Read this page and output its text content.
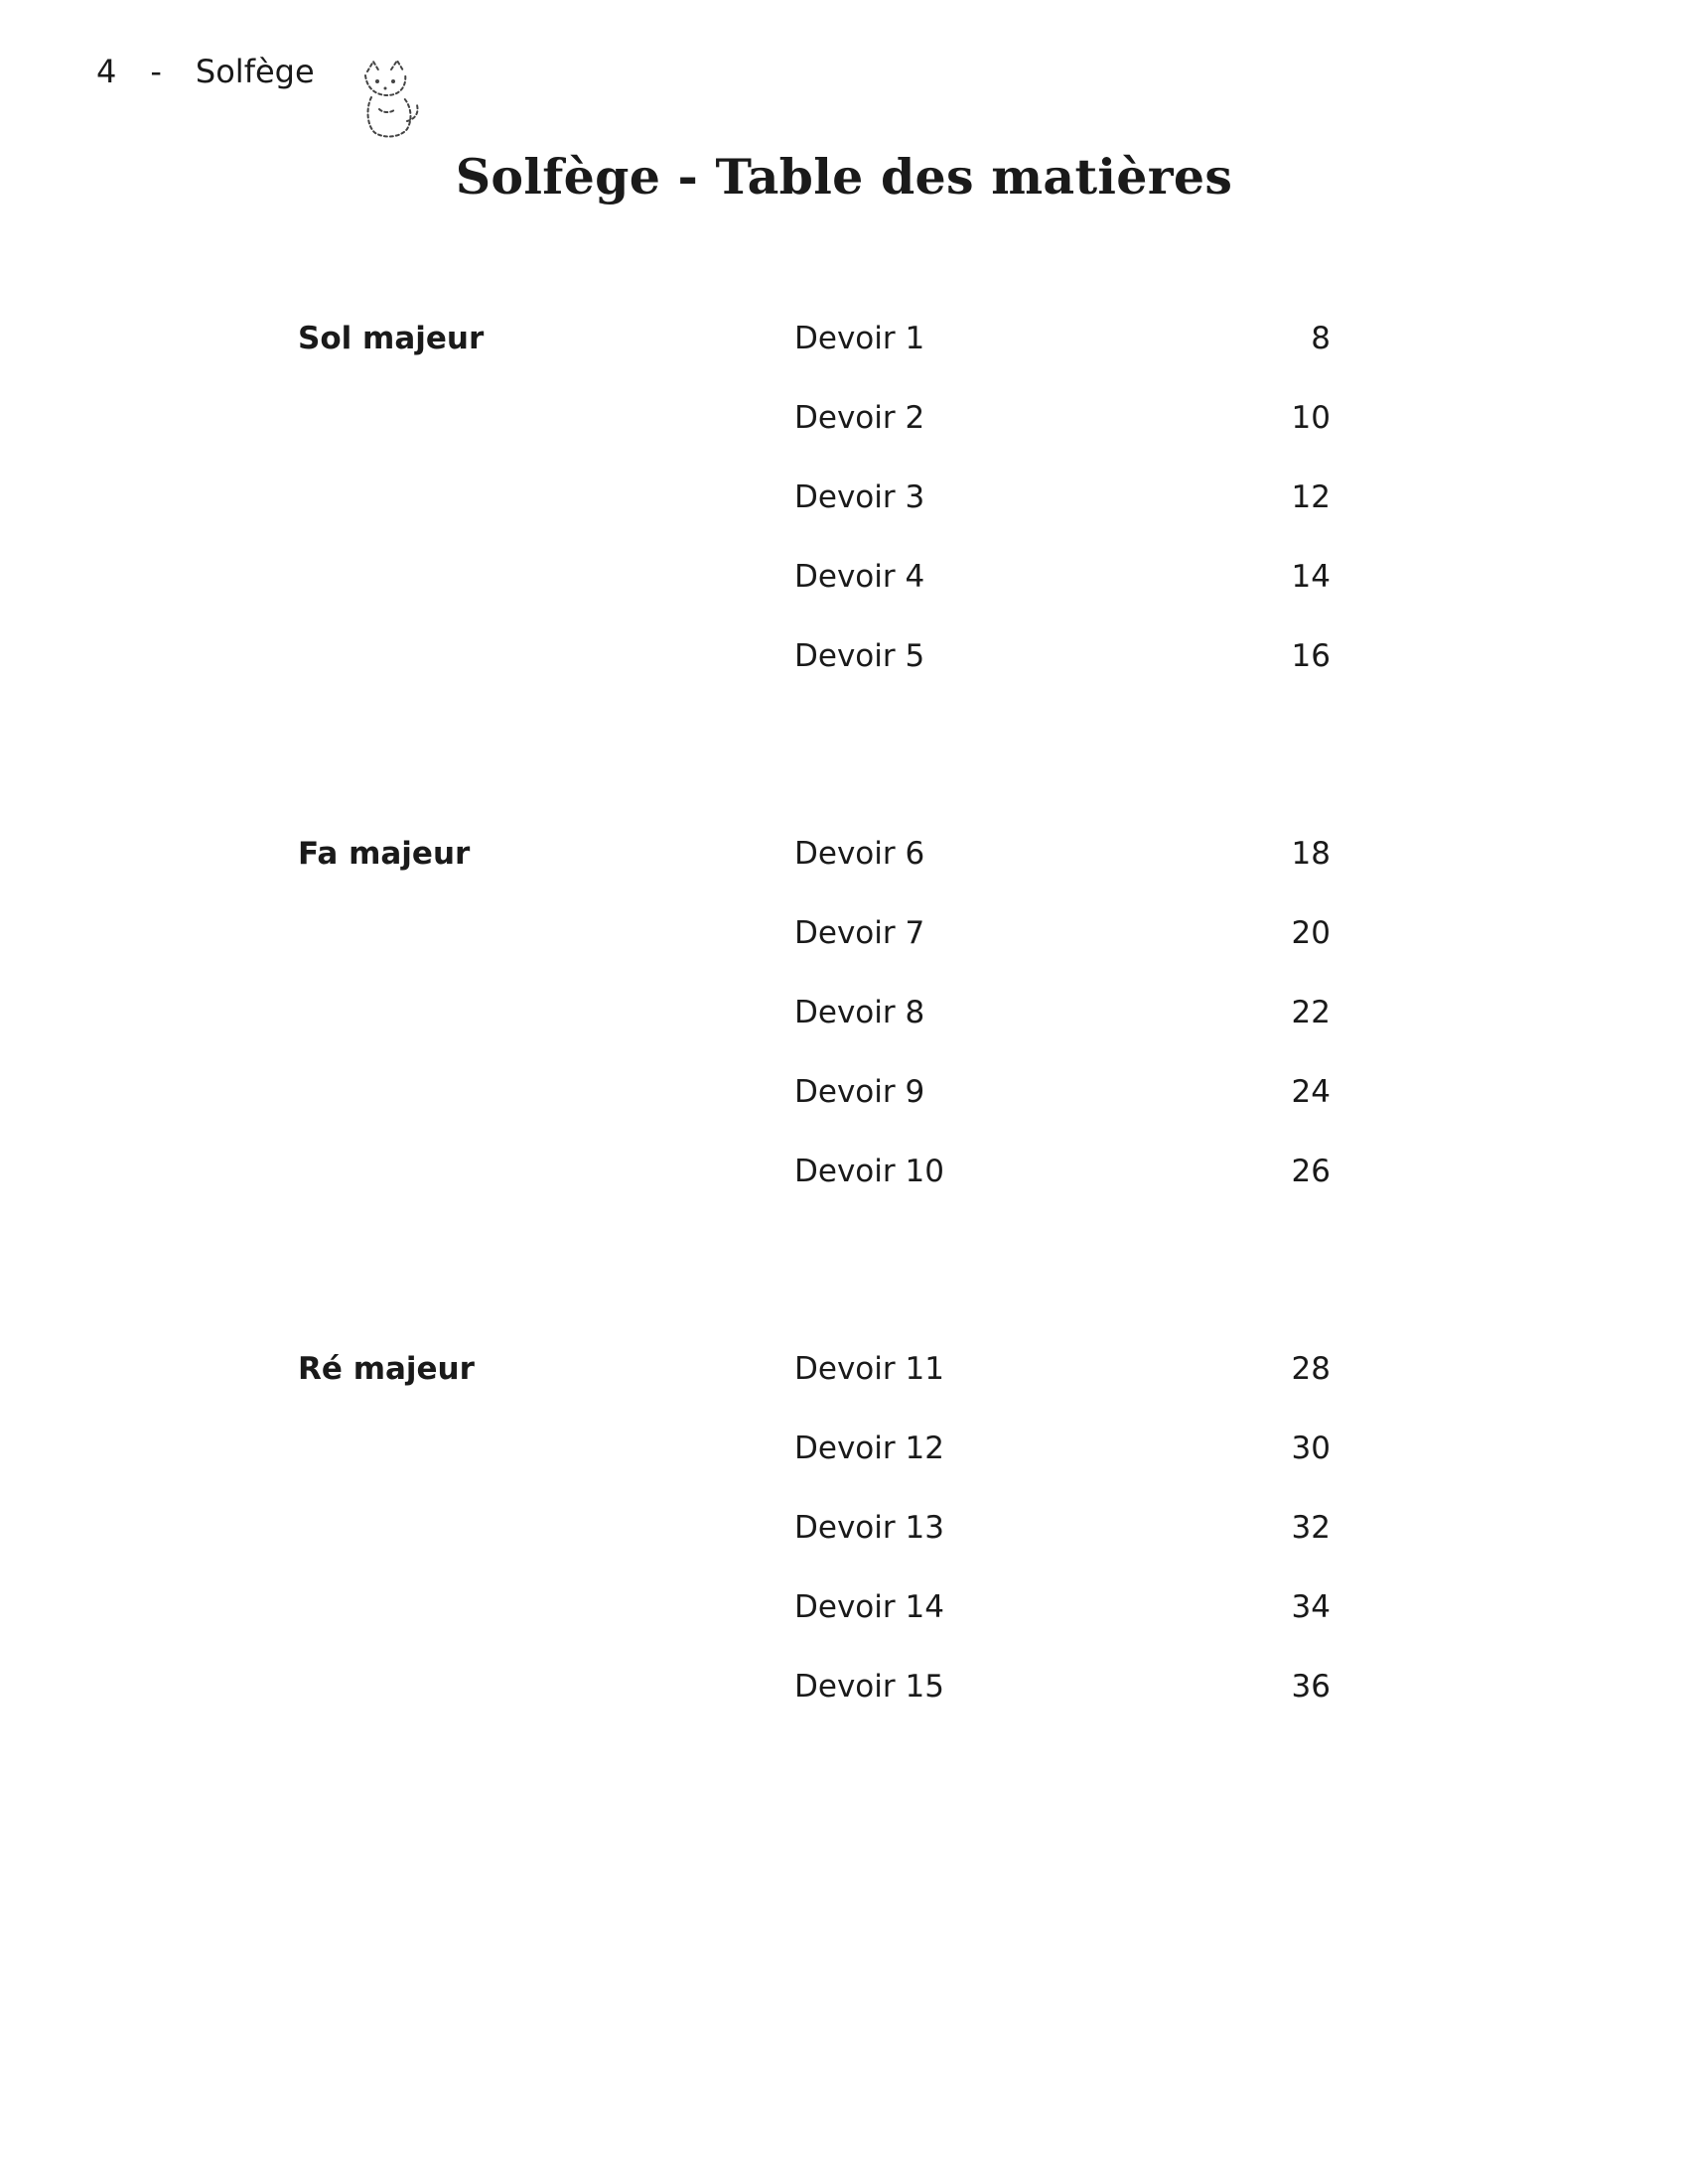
4 - Solfège
Solfège - Table des matières
Sol majeur	Devoir 1	8
Devoir 2	10
Devoir 3	12
Devoir 4	14
Devoir 5	16
Fa majeur	Devoir 6	18
Devoir 7	20
Devoir 8	22
Devoir 9	24
Devoir 10	26
Ré majeur	Devoir 11	28
Devoir 12	30
Devoir 13	32
Devoir 14	34
Devoir 15	36
